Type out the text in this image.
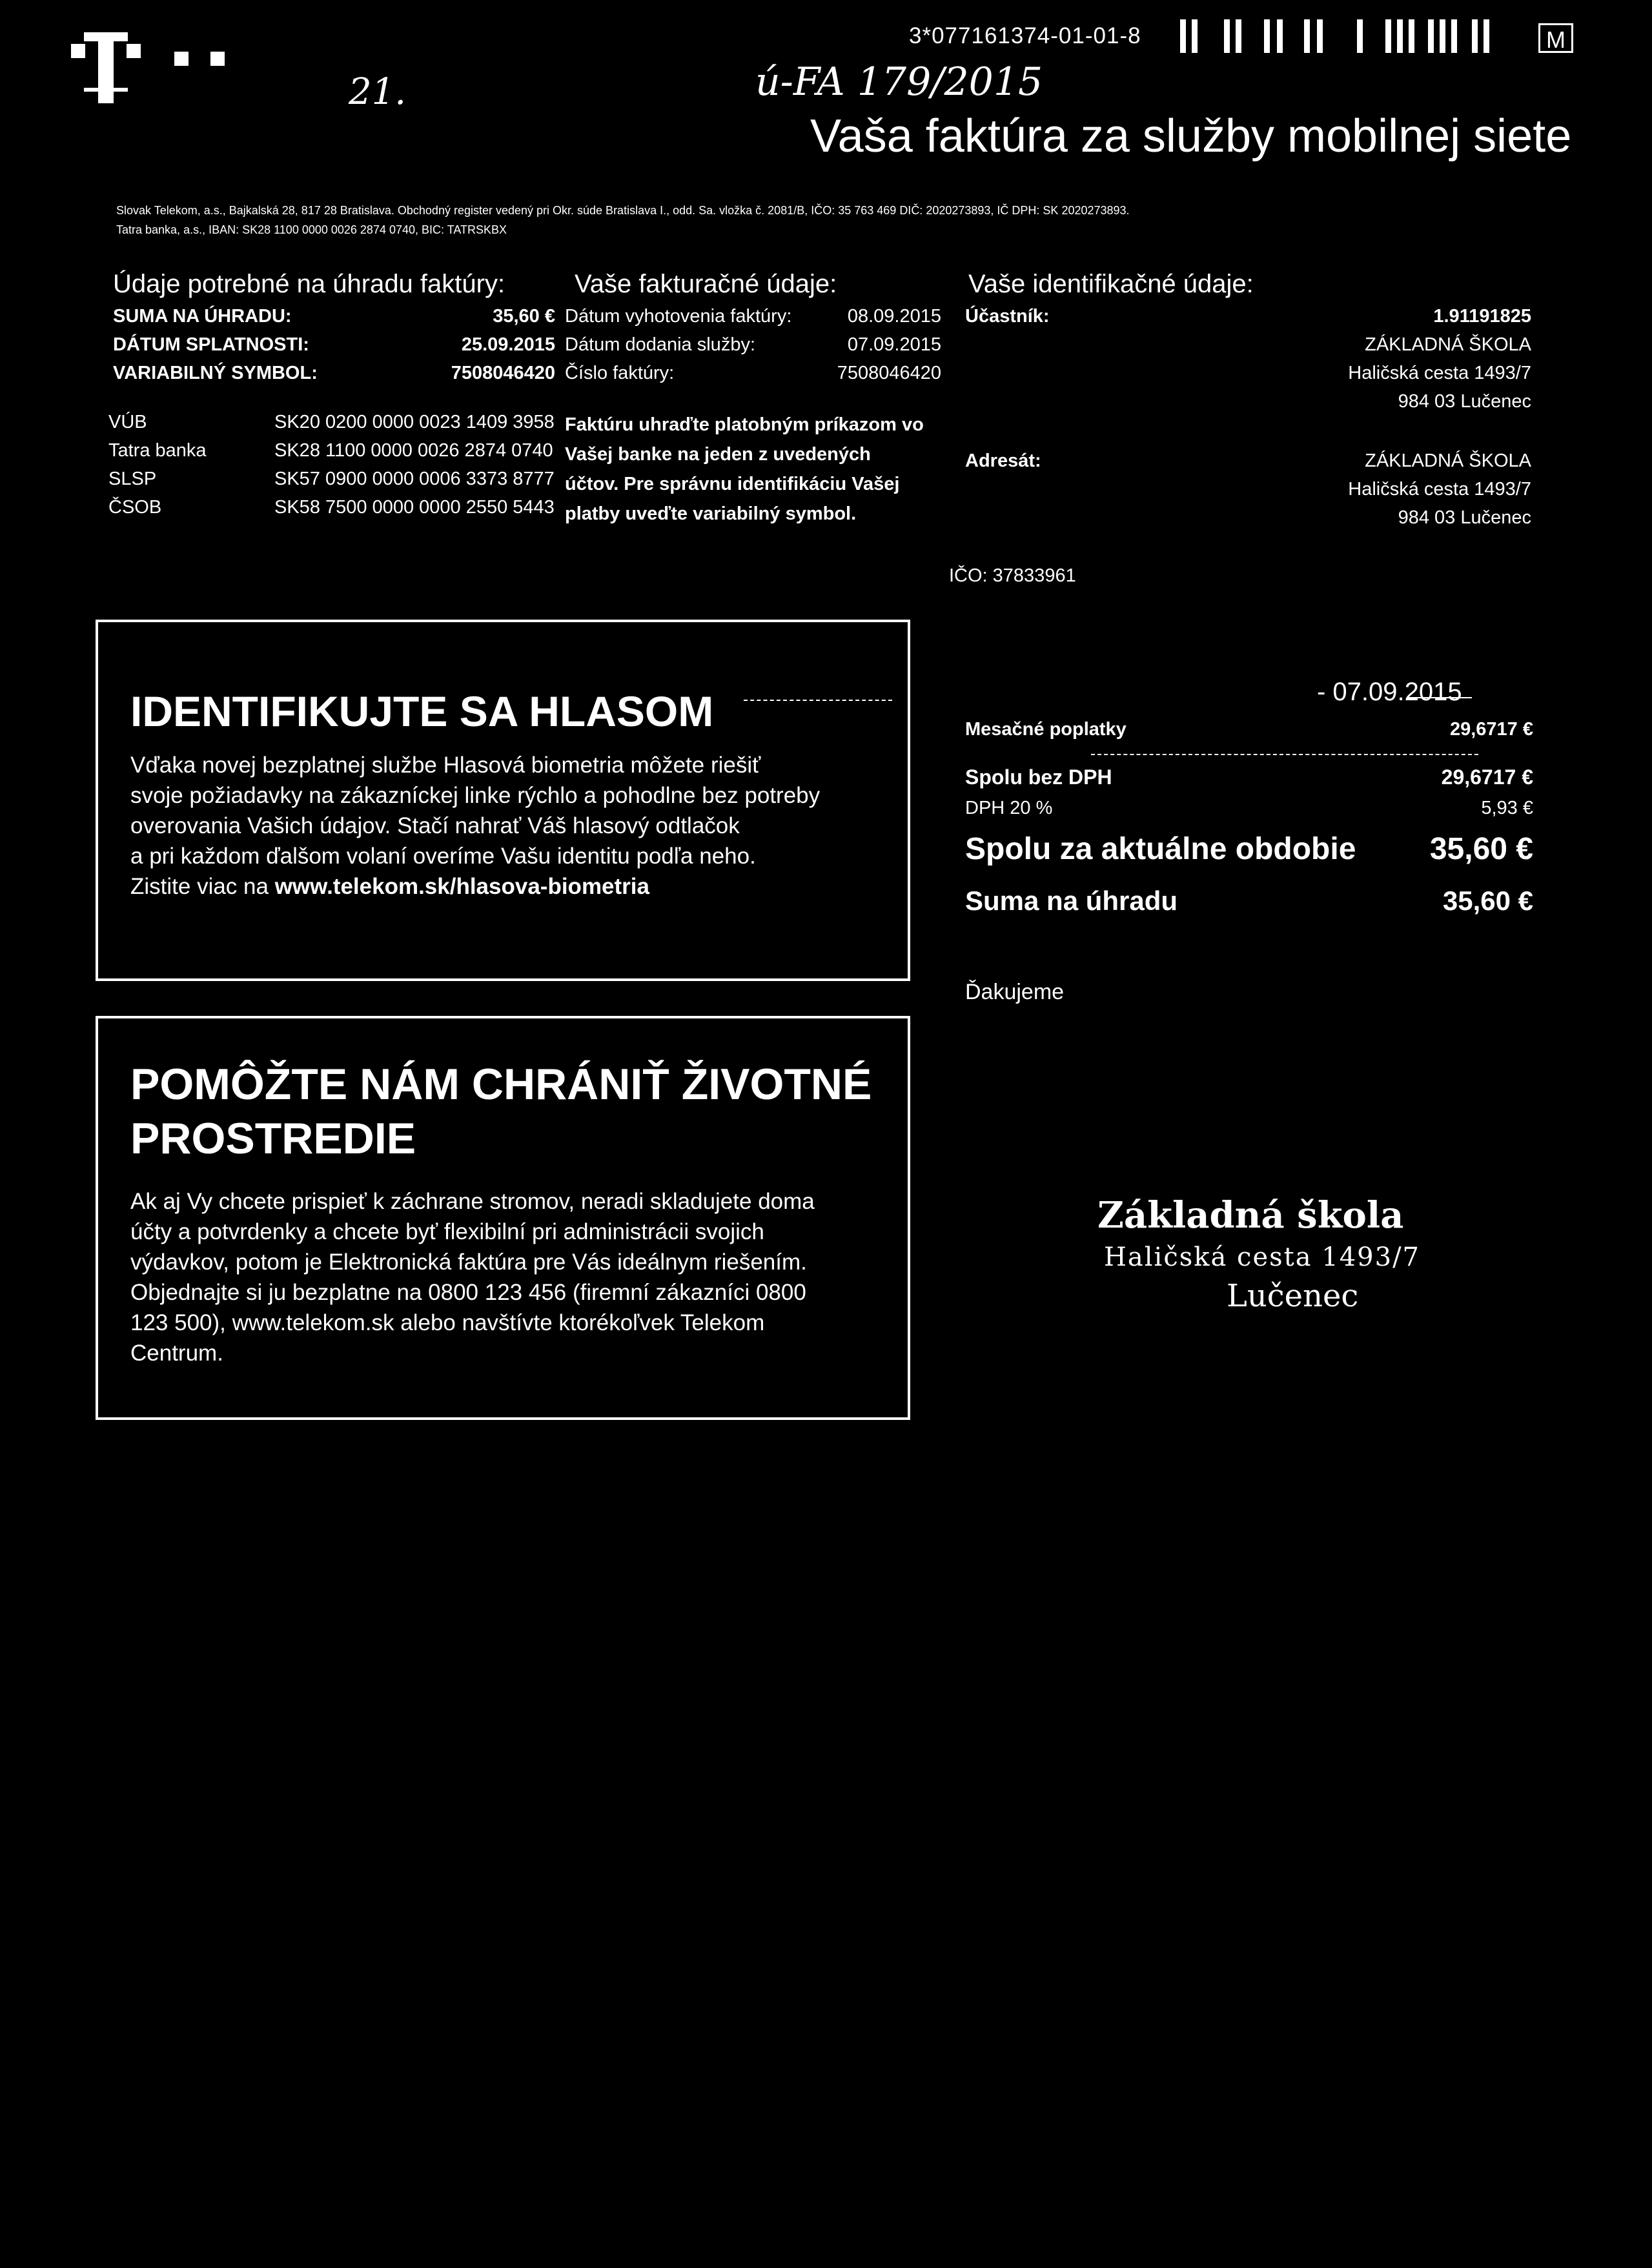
21.	ú-FA 179/2015
3*077161374-01-01-8	M
Vaša faktúra za služby mobilnej siete
Slovak Telekom, a.s., Bajkalská 28, 817 28 Bratislava. Obchodný register vedený pri Okr. súde Bratislava I., odd. Sa. vložka č. 2081/B, IČO: 35 763 469 DIČ: 2020273893, IČ DPH: SK 2020273893.
Tatra banka, a.s., IBAN: SK28 1100 0000 0026 2874 0740, BIC: TATRSKBX
Údaje potrebné na úhradu faktúry:
SUMA NA ÚHRADU:	35,60 €
DÁTUM SPLATNOSTI:	25.09.2015
VARIABILNÝ SYMBOL:	7508046420
VÚB	SK20 0200 0000 0023 1409 3958
Tatra banka	SK28 1100 0000 0026 2874 0740
SLSP	SK57 0900 0000 0006 3373 8777
ČSOB	SK58 7500 0000 0000 2550 5443
Vaše fakturačné údaje:
Dátum vyhotovenia faktúry:	08.09.2015
Dátum dodania služby:	07.09.2015
Číslo faktúry:	7508046420
Faktúru uhraďte platobným príkazom vo
Vašej banke na jeden z uvedených
účtov. Pre správnu identifikáciu Vašej
platby uveďte variabilný symbol.
Vaše identifikačné údaje:
Účastník:	1.91191825
ZÁKLADNÁ ŠKOLA
Haličská cesta 1493/7
984 03 Lučenec
Adresát:	ZÁKLADNÁ ŠKOLA
Haličská cesta 1493/7
984 03 Lučenec
IČO: 37833961
IDENTIFIKUJTE SA HLASOM

Vďaka novej bezplatnej službe Hlasová biometria môžete riešiť

svoje požiadavky na zákazníckej linke rýchlo a pohodlne bez potreby

overovania Vašich údajov. Stačí nahrať Váš hlasový odtlačok

a pri každom ďalšom volaní overíme Vašu identitu podľa neho.

Zistite viac na www.telekom.sk/hlasova-biometria

POMÔŽTE NÁM CHRÁNIŤ ŽIVOTNÉ
PROSTREDIE

Ak aj Vy chcete prispieť k záchrane stromov, neradi skladujete doma

účty a potvrdenky a chcete byť flexibilní pri administrácii svojich

výdavkov, potom je Elektronická faktúra pre Vás ideálnym riešením.

Objednajte si ju bezplatne na 0800 123 456 (firemní zákazníci 0800

123 500), www.telekom.sk alebo navštívte ktorékoľvek Telekom

Centrum.

- 07.09.2015
Mesačné poplatky	29,6717 €
Spolu bez DPH	29,6717 €
DPH 20 %	5,93 €
Spolu za aktuálne obdobie 35,60 €
Suma na úhradu	35,60 €
Ďakujeme
Základná škola
Haličská cesta 1493/7
Lučenec
